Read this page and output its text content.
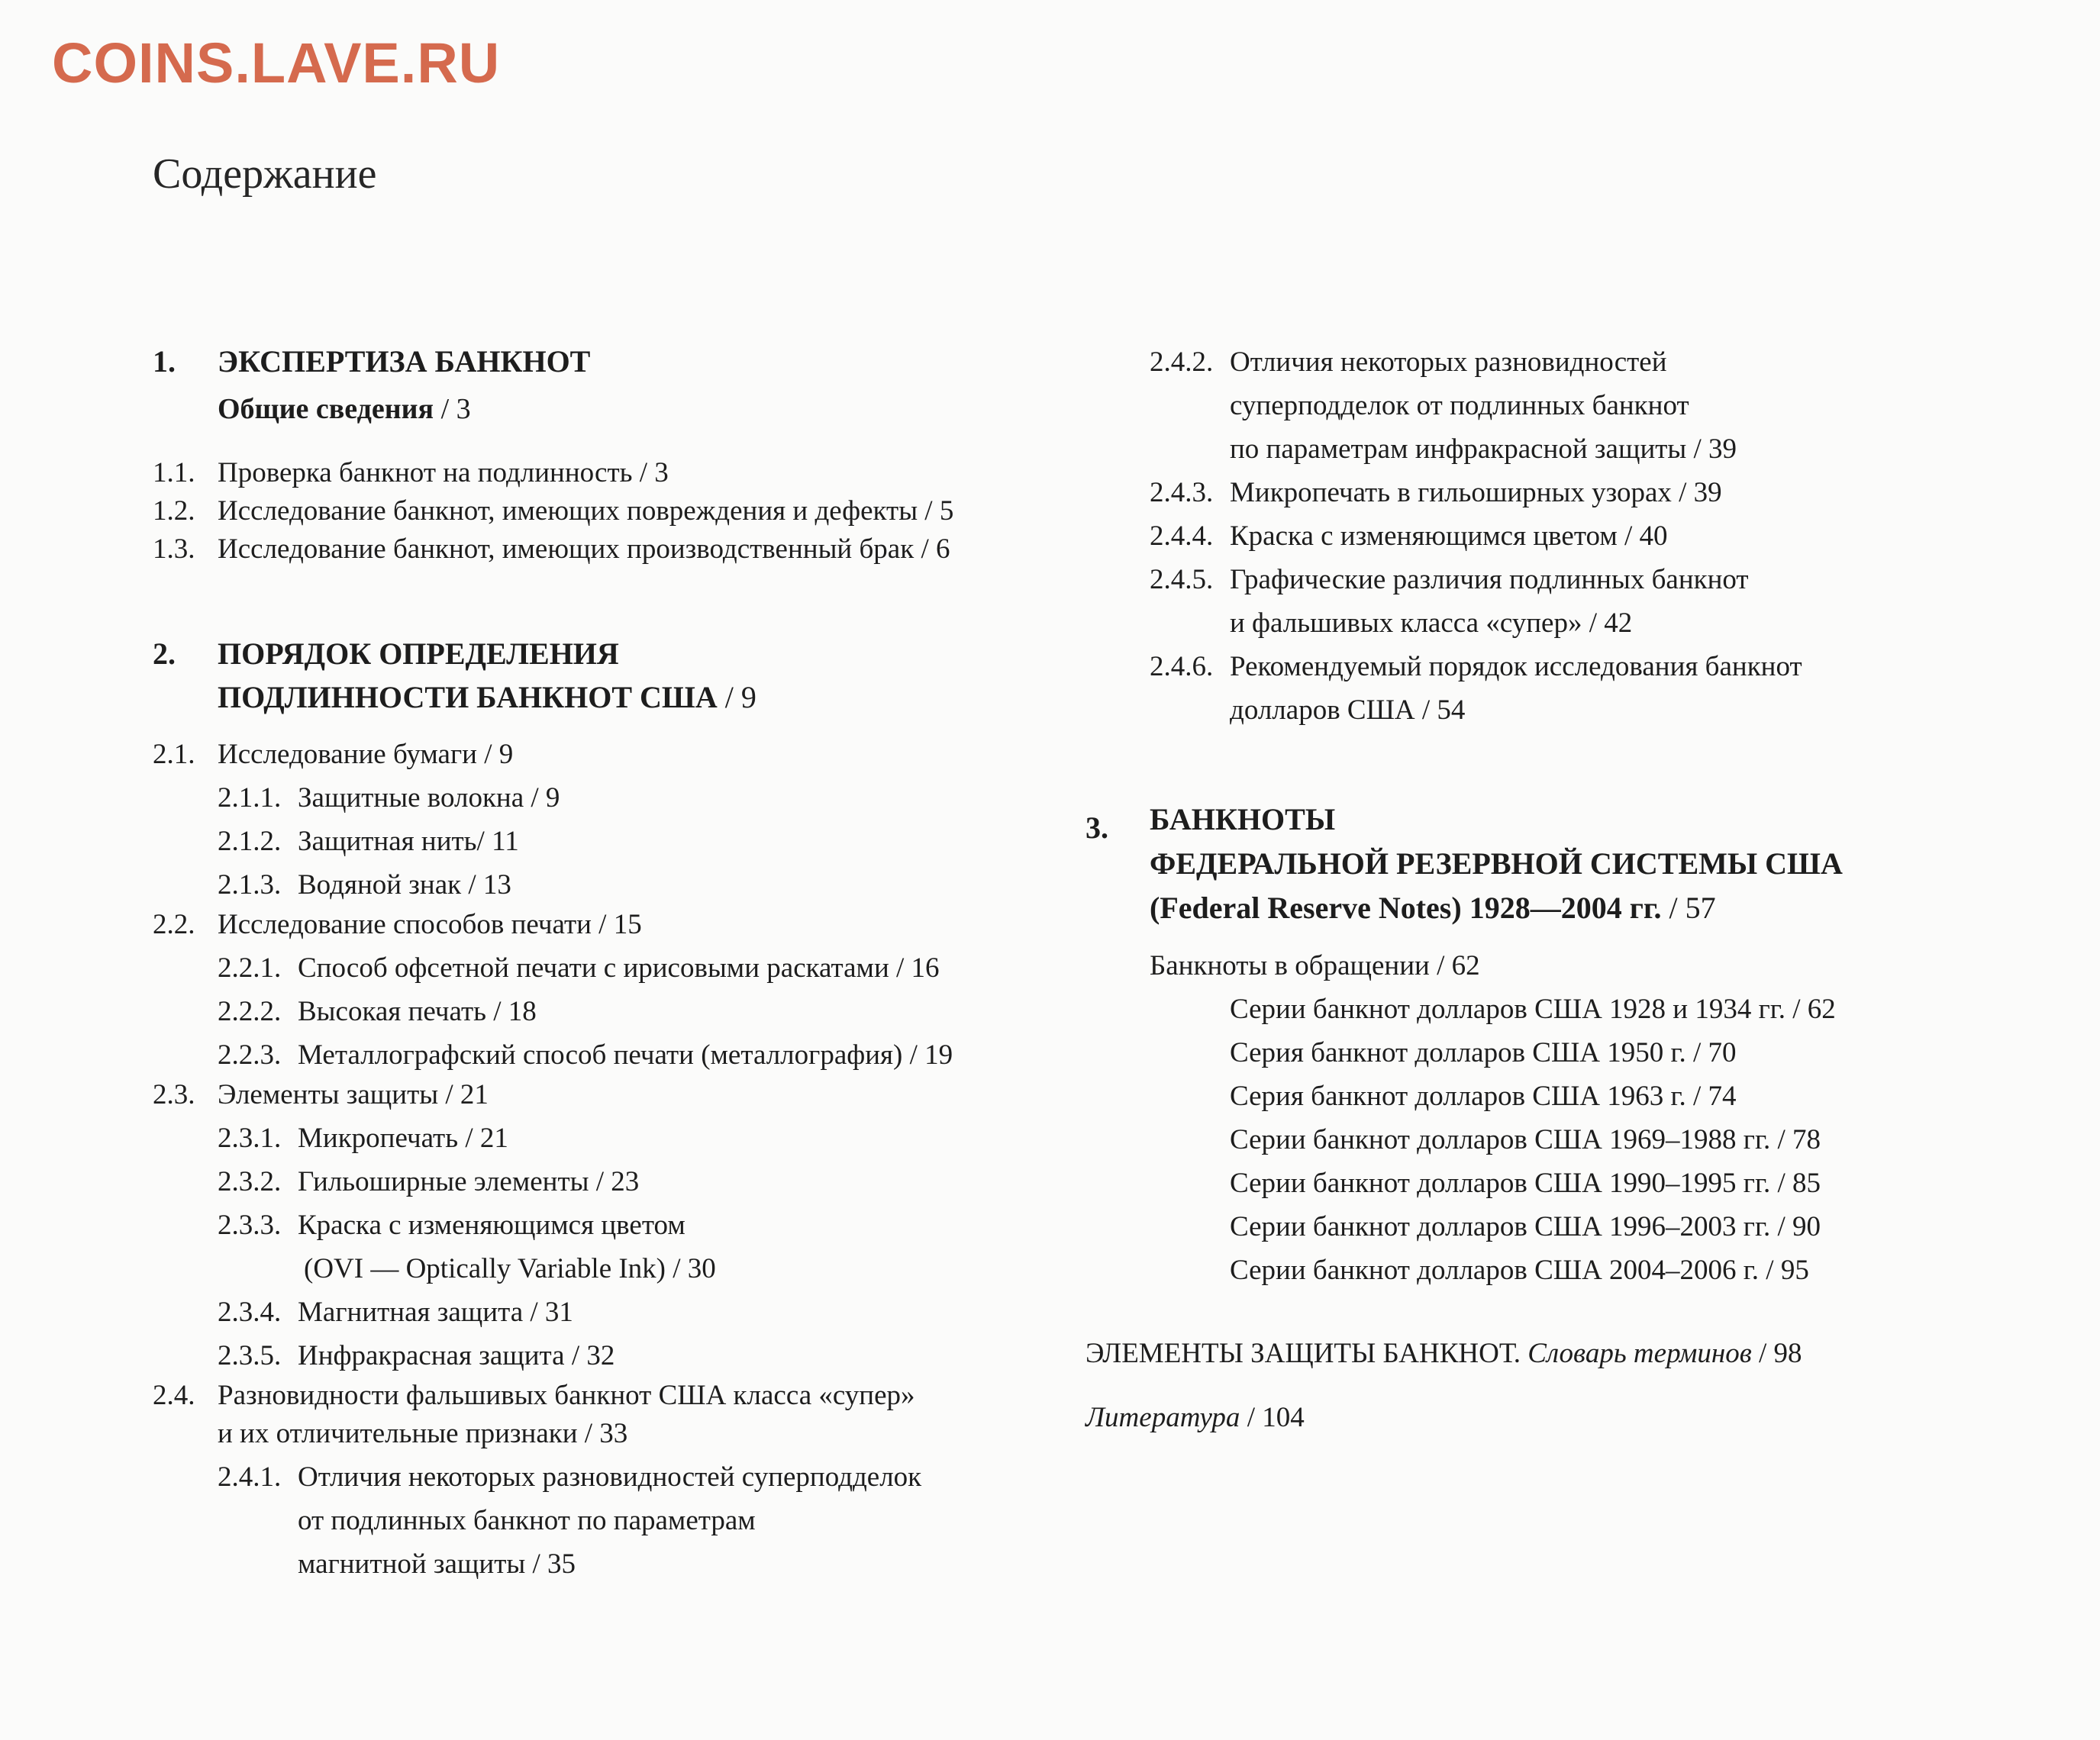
COINS.LAVE.RU
Содержание
1. ЭКСПЕРТИЗА БАНКНОТ
Общие сведения / 3
1.1. Проверка банкнот на подлинность / 3
1.2. Исследование банкнот, имеющих повреждения и дефекты / 5
1.3. Исследование банкнот, имеющих производственный брак / 6
2. ПОРЯДОК ОПРЕДЕЛЕНИЯ
ПОДЛИННОСТИ БАНКНОТ США / 9
2.1. Исследование бумаги / 9
2.1.1. Защитные волокна / 9
2.1.2. Защитная нить/ 11
2.1.3. Водяной знак / 13
2.2. Исследование способов печати / 15
2.2.1. Способ офсетной печати с ирисовыми раскатами / 16
2.2.2. Высокая печать / 18
2.2.3. Металлографский способ печати (металлография) / 19
2.3. Элементы защиты / 21
2.3.1. Микропечать / 21
2.3.2. Гильоширные элементы / 23
2.3.3. Краска с изменяющимся цветом
(OVI — Optically Variable Ink) / 30
2.3.4. Магнитная защита / 31
2.3.5. Инфракрасная защита / 32
2.4. Разновидности фальшивых банкнот США класса «супер»
и их отличительные признаки / 33
2.4.1. Отличия некоторых разновидностей суперподделок
от подлинных банкнот по параметрам
магнитной защиты / 35
2.4.2. Отличия некоторых разновидностей
суперподделок от подлинных банкнот
по параметрам инфракрасной защиты / 39
2.4.3. Микропечать в гильоширных узорах / 39
2.4.4. Краска с изменяющимся цветом / 40
2.4.5. Графические различия подлинных банкнот
и фальшивых класса «супер» / 42
2.4.6. Рекомендуемый порядок исследования банкнот
долларов США / 54
3. БАНКНОТЫ
ФЕДЕРАЛЬНОЙ РЕЗЕРВНОЙ СИСТЕМЫ США
(Federal Reserve Notes) 1928—2004 гг. / 57
Банкноты в обращении / 62
Серии банкнот долларов США 1928 и 1934 гг. / 62
Серия банкнот долларов США 1950 г. / 70
Серия банкнот долларов США 1963 г. / 74
Серии банкнот долларов США 1969–1988 гг. / 78
Серии банкнот долларов США 1990–1995 гг. / 85
Серии банкнот долларов США 1996–2003 гг. / 90
Серии банкнот долларов США 2004–2006 г. / 95
ЭЛЕМЕНТЫ ЗАЩИТЫ БАНКНОТ. Словарь терминов / 98
Литература / 104
